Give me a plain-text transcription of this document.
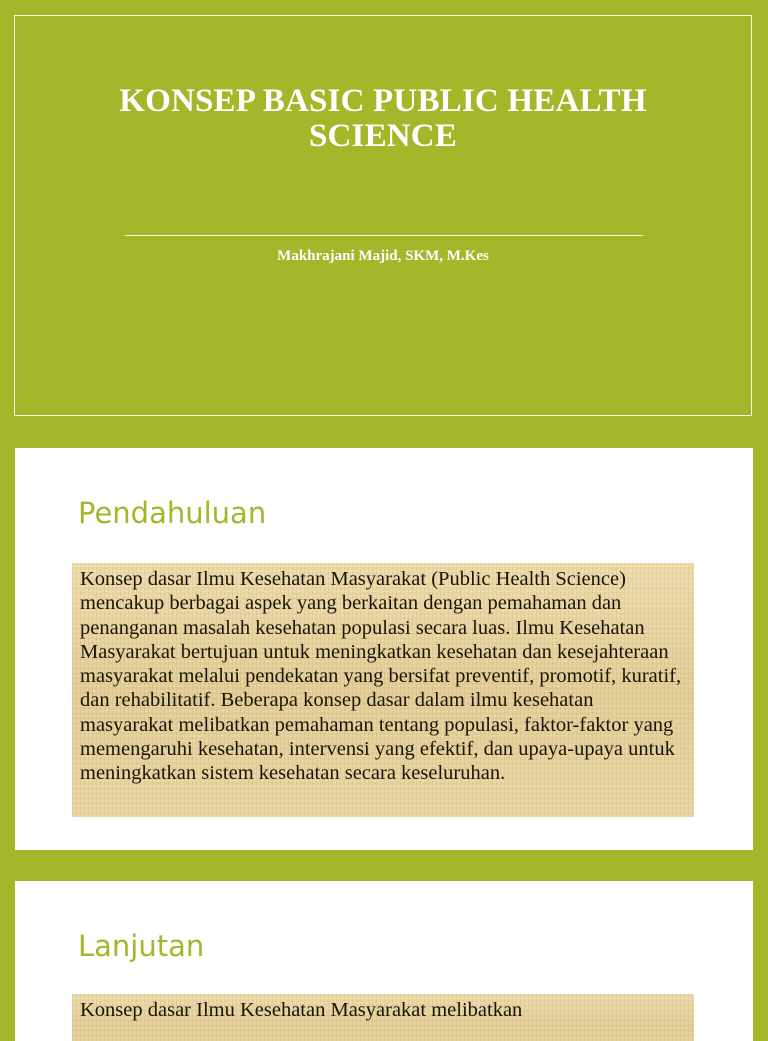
KONSEP BASIC PUBLIC HEALTH SCIENCE
Makhrajani Majid, SKM, M.Kes
Pendahuluan
Konsep dasar Ilmu Kesehatan Masyarakat (Public Health Science) mencakup berbagai aspek yang berkaitan dengan pemahaman dan penanganan masalah kesehatan populasi secara luas. Ilmu Kesehatan Masyarakat bertujuan untuk meningkatkan kesehatan dan kesejahteraan masyarakat melalui pendekatan yang bersifat preventif, promotif, kuratif, dan rehabilitatif. Beberapa konsep dasar dalam ilmu kesehatan masyarakat melibatkan pemahaman tentang populasi, faktor-faktor yang memengaruhi kesehatan, intervensi yang efektif, dan upaya-upaya untuk meningkatkan sistem kesehatan secara keseluruhan.
Lanjutan
Konsep dasar Ilmu Kesehatan Masyarakat melibatkan
